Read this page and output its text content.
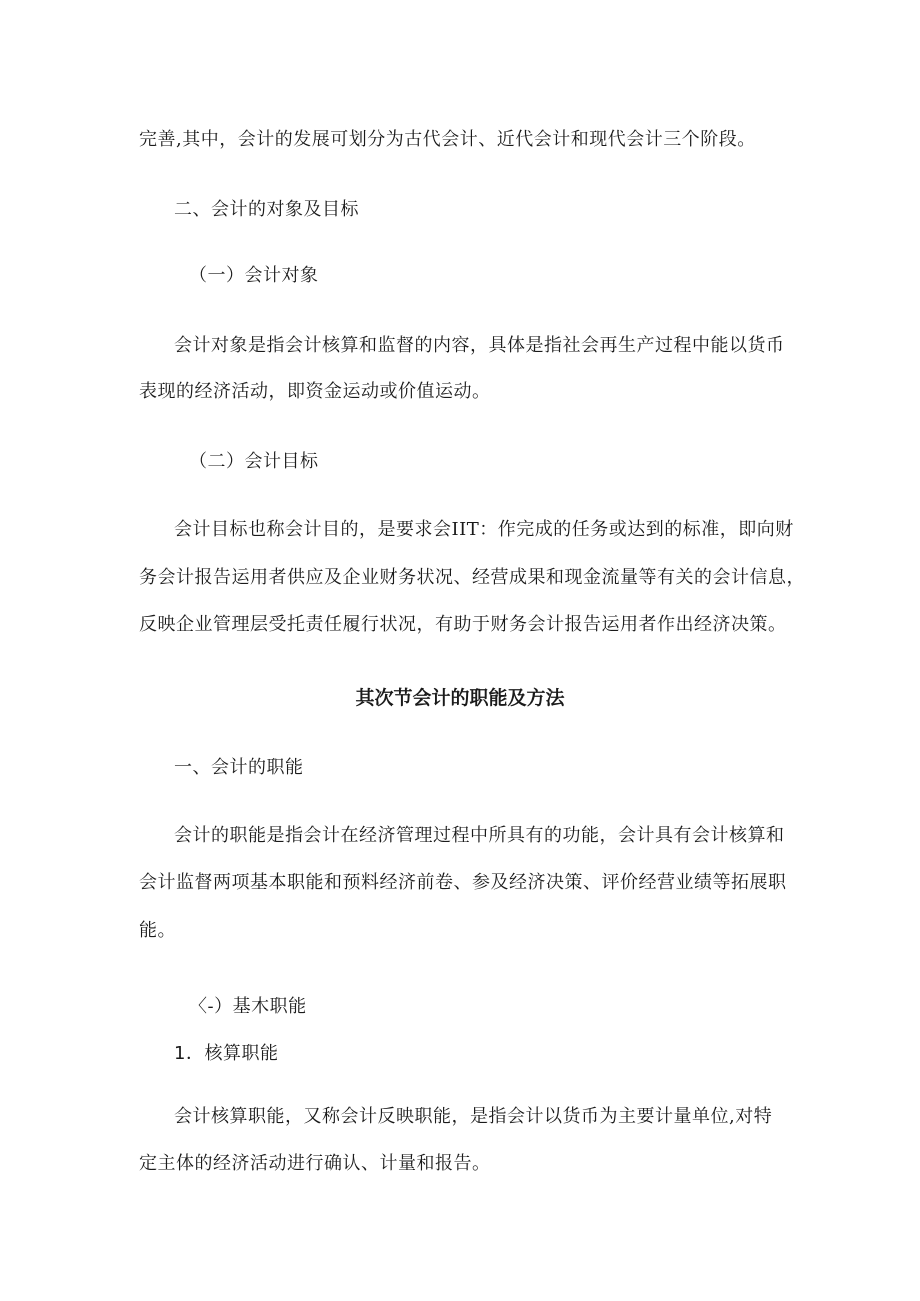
完善,其中，会计的发展可划分为古代会计、近代会计和现代会计三个阶段。
二、会计的对象及目标
（一）会计对象
会计对象是指会计核算和监督的内容，具体是指社会再生产过程中能以货币
表现的经济活动，即资金运动或价值运动。
（二）会计目标
会计目标也称会计目的，是要求会IIT：作完成的任务或达到的标准，即向财
务会计报告运用者供应及企业财务状况、经营成果和现金流量等有关的会计信息，
反映企业管理层受托责任履行状况，有助于财务会计报告运用者作出经济决策。
其次节会计的职能及方法
一、会计的职能
会计的职能是指会计在经济管理过程中所具有的功能，会计具有会计核算和
会计监督两项基本职能和预料经济前卷、参及经济决策、评价经营业绩等拓展职
能。
〈-）基木职能
1．核算职能
会计核算职能，又称会计反映职能，是指会计以货币为主要计量单位,对特
定主体的经济活动进行确认、计量和报告。
